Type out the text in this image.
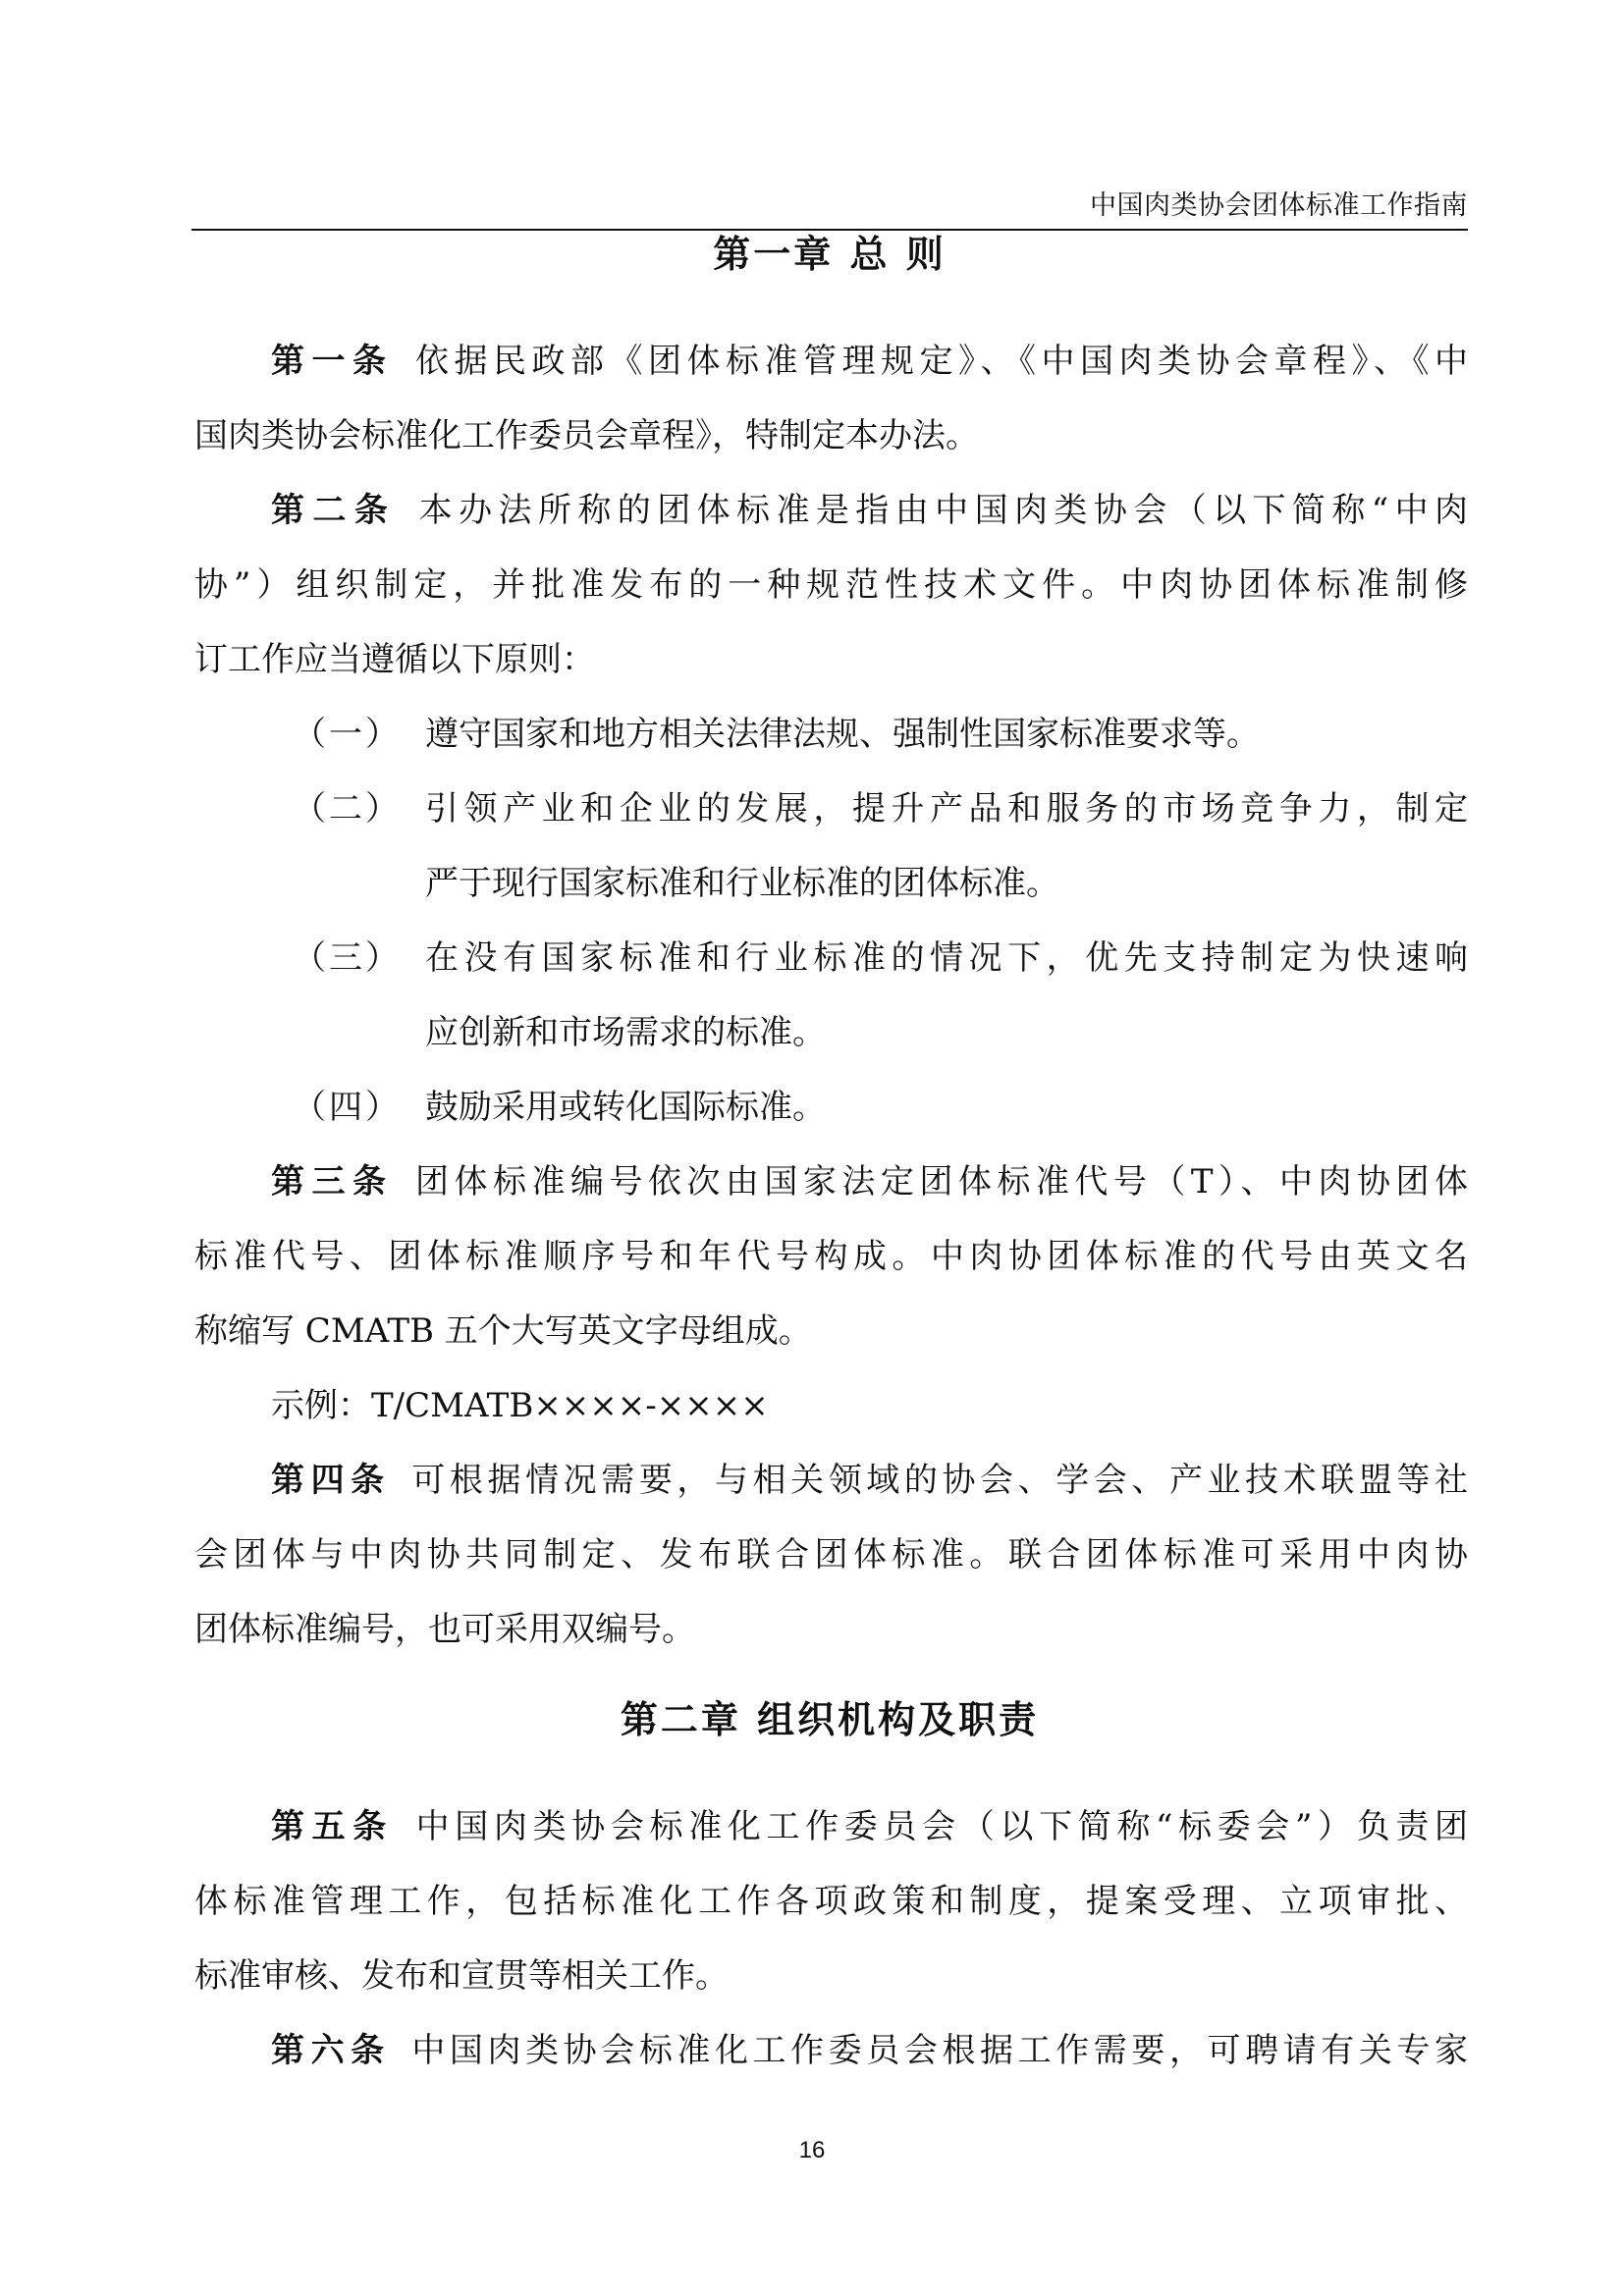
中国肉类协会团体标准工作指南
第一章 总 则
第一条  依据民政部《团体标准管理规定》、《中国肉类协会章程》、《中
国肉类协会标准化工作委员会章程》，特制定本办法。
第二条  本办法所称的团体标准是指由中国肉类协会（以下简称“中肉
协”）组织制定，并批准发布的一种规范性技术文件。中肉协团体标准制修
订工作应当遵循以下原则：
（一） 遵守国家和地方相关法律法规、强制性国家标准要求等。
（二） 引领产业和企业的发展，提升产品和服务的市场竞争力，制定
严于现行国家标准和行业标准的团体标准。
（三） 在没有国家标准和行业标准的情况下，优先支持制定为快速响
应创新和市场需求的标准。
（四） 鼓励采用或转化国际标准。
第三条  团体标准编号依次由国家法定团体标准代号（T）、中肉协团体
标准代号、团体标准顺序号和年代号构成。中肉协团体标准的代号由英文名
称缩写 CMATB 五个大写英文字母组成。
示例：T/CMATB××××-××××
第四条  可根据情况需要，与相关领域的协会、学会、产业技术联盟等社
会团体与中肉协共同制定、发布联合团体标准。联合团体标准可采用中肉协
团体标准编号，也可采用双编号。
第二章 组织机构及职责
第五条  中国肉类协会标准化工作委员会（以下简称“标委会”）负责团
体标准管理工作，包括标准化工作各项政策和制度，提案受理、立项审批、
标准审核、发布和宣贯等相关工作。
第六条  中国肉类协会标准化工作委员会根据工作需要，可聘请有关专家
16
